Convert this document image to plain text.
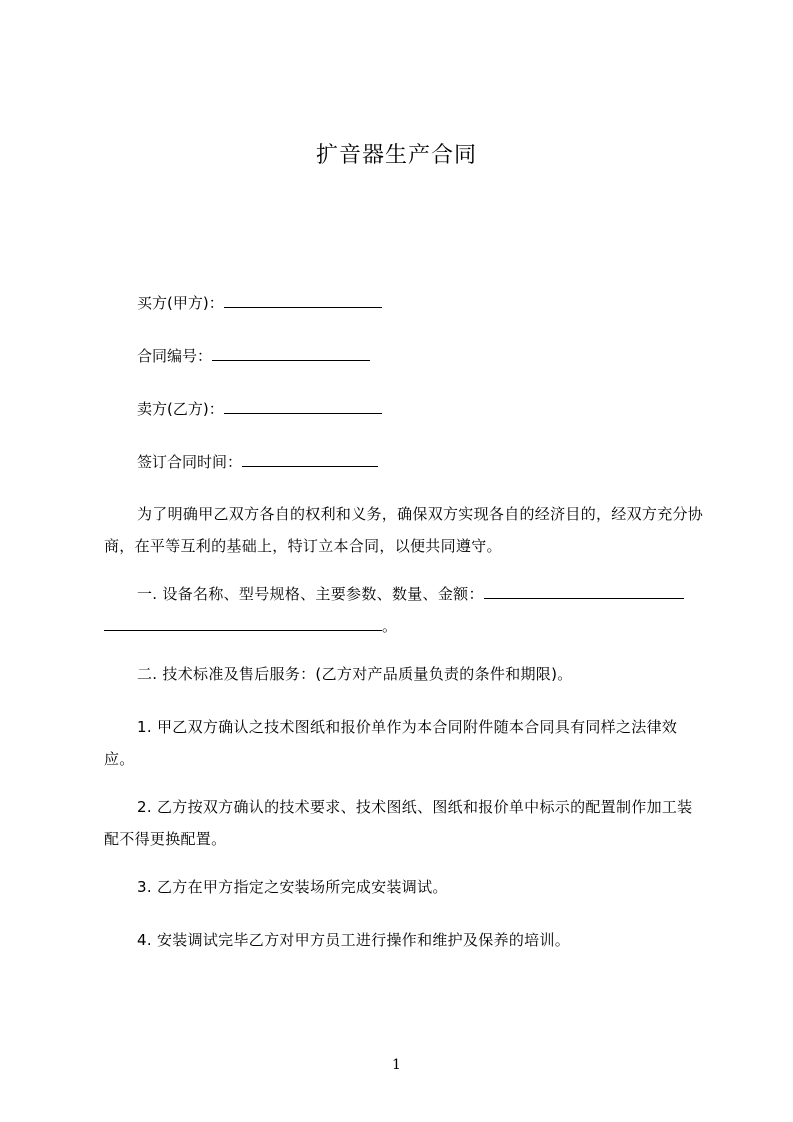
扩音器生产合同
买方(甲方)：
合同编号：
卖方(乙方)：
签订合同时间：
为了明确甲乙双方各自的权利和义务，确保双方实现各自的经济目的，经双方充分协商，在平等互利的基础上，特订立本合同，以便共同遵守。
一. 设备名称、型号规格、主要参数、数量、金额：
。
二. 技术标准及售后服务：(乙方对产品质量负责的条件和期限)。
1. 甲乙双方确认之技术图纸和报价单作为本合同附件随本合同具有同样之法律效应。
2. 乙方按双方确认的技术要求、技术图纸、图纸和报价单中标示的配置制作加工装配不得更换配置。
3. 乙方在甲方指定之安装场所完成安装调试。
4. 安装调试完毕乙方对甲方员工进行操作和维护及保养的培训。
1
